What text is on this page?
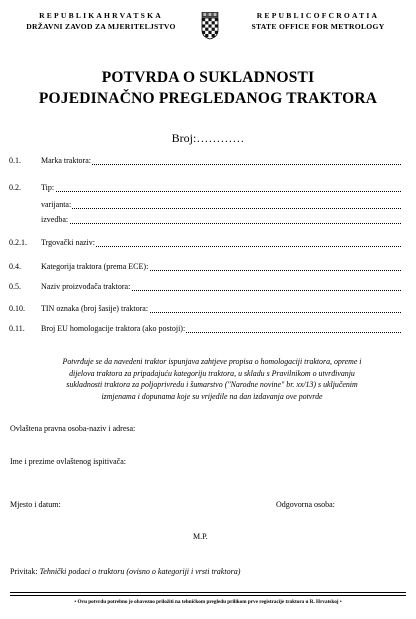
REPUBLIKAHRVATSKA
DRŽAVNI ZAVOD ZA MJERITELJSTVO
REPUBLICOFCROATIA
STATE OFFICE FOR METROLOGY
POTVRDA O SUKLADNOSTI
POJEDINAČNO PREGLEDANOG TRAKTORA
Broj:…………
0.1.	Marka traktora:
0.2.	Tip:
varijanta:
izvedba:
0.2.1. Trgovački naziv:
0.4.	Kategorija traktora (prema ECE):
0.5.	Naziv proizvođača traktora:
0.10. TIN oznaka (broj šasije) traktora:
0.11. Broj EU homologacije traktora (ako postoji):
Potvrđuje se da navedeni traktor ispunjava zahtjeve propisa o homologaciji traktora, opreme i
dijelova traktora za pripadajuću kategoriju traktora, u skladu s Pravilnikom o utvrđivanju
sukladnosti traktora za poljoprivredu i šumarstvo ("Narodne novine" br. xx/13) s uključenim
izmjenama i dopunama koje su vrijedile na dan izdavanja ove potvrde
Ovlaštena pravna osoba-naziv i adresa:
Ime i prezime ovlaštenog ispitivača:
Mjesto i datum:	Odgovorna osoba:
M.P.
Privitak: Tehnički podaci o traktoru (ovisno o kategoriji i vrsti traktora)
• Ovu potvrdu potrebno je obavezno priložiti na tehničkom pregledu prilikom prve registracije traktora u R. Hrvatskoj •
